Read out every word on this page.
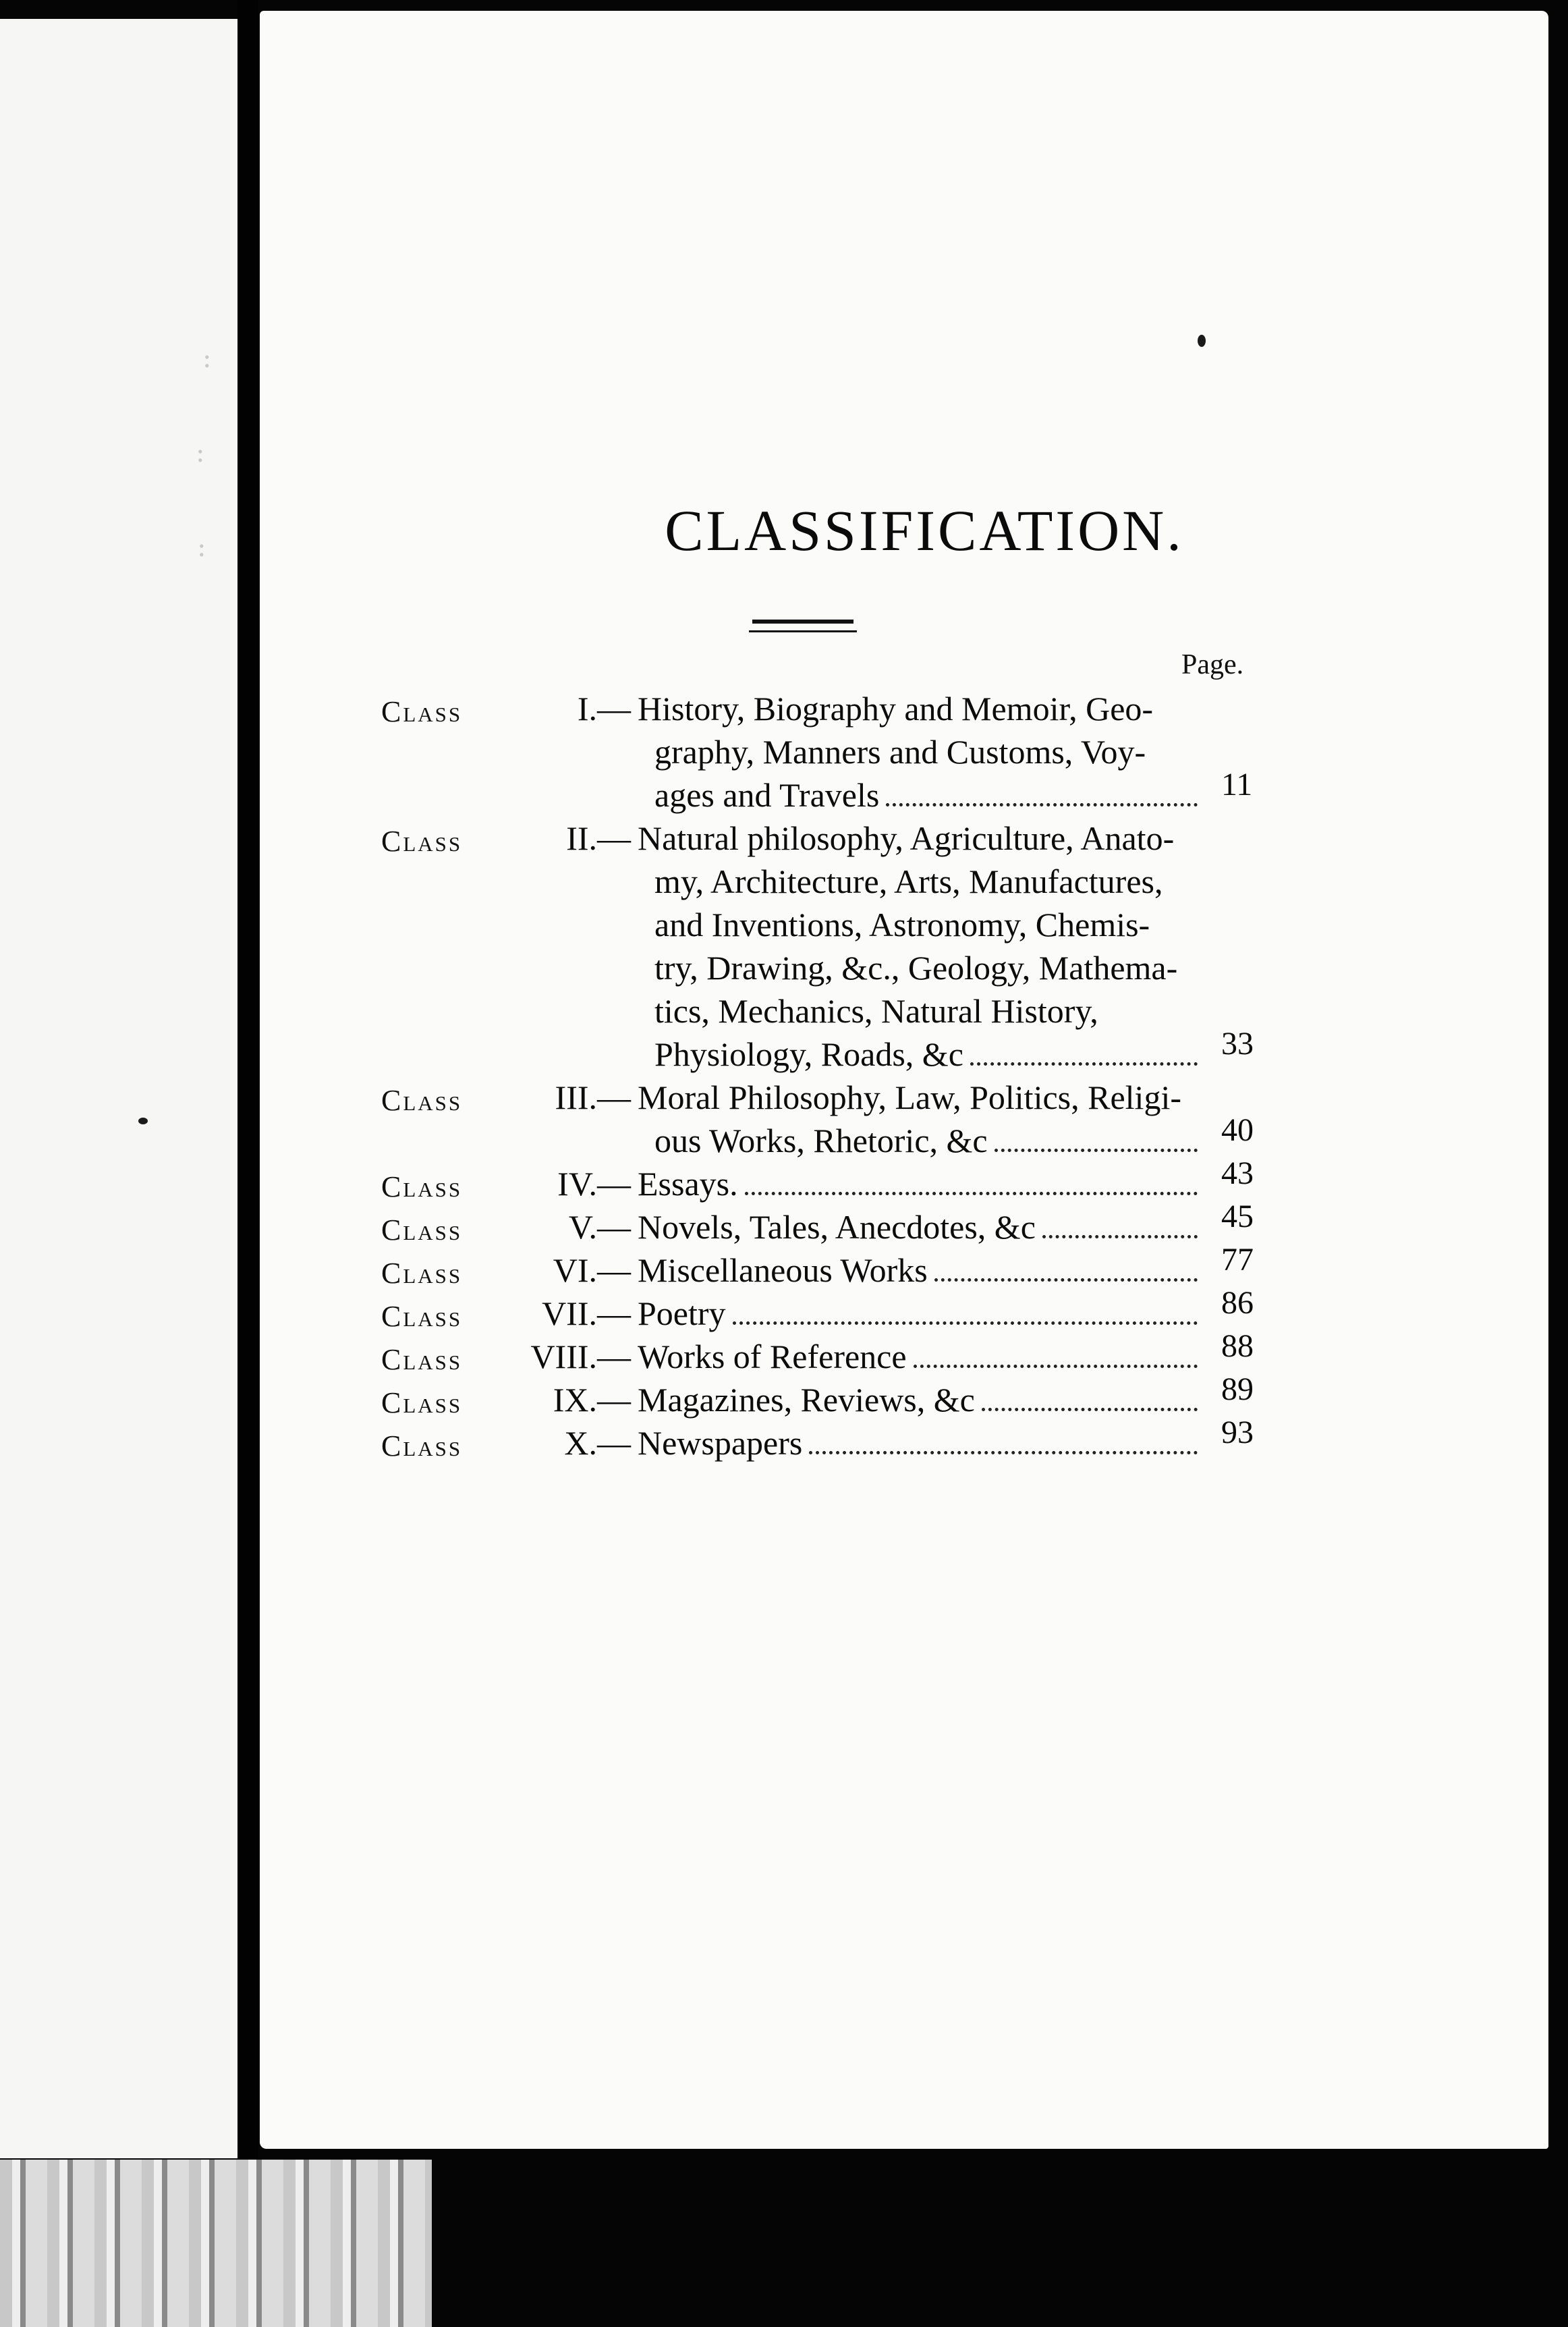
:
:
:	CLASSIFICATION.
Page.
Class	I.— History, Biography and Memoir, Geo-
graphy, Manners and Customs, Voy-
ages and Travels	11
Class	II.— Natural philosophy, Agriculture, Anato-
my, Architecture, Arts, Manufactures,
and Inventions, Astronomy, Chemis-
try, Drawing, &c., Geology, Mathema-
tics, Mechanics, Natural History,
Physiology, Roads, &c	33
Class	III.— Moral Philosophy, Law, Politics, Religi-
ous Works, Rhetoric, &c	40
Class	IV.— Essays.	43
Class	V.— Novels, Tales, Anecdotes, &c	45
Class	VI.— Miscellaneous Works	77
Class VII.— Poetry	86
Class VIII.— Works of Reference	88
Class	IX.— Magazines, Reviews, &c	89
Class	X.— Newspapers	93
